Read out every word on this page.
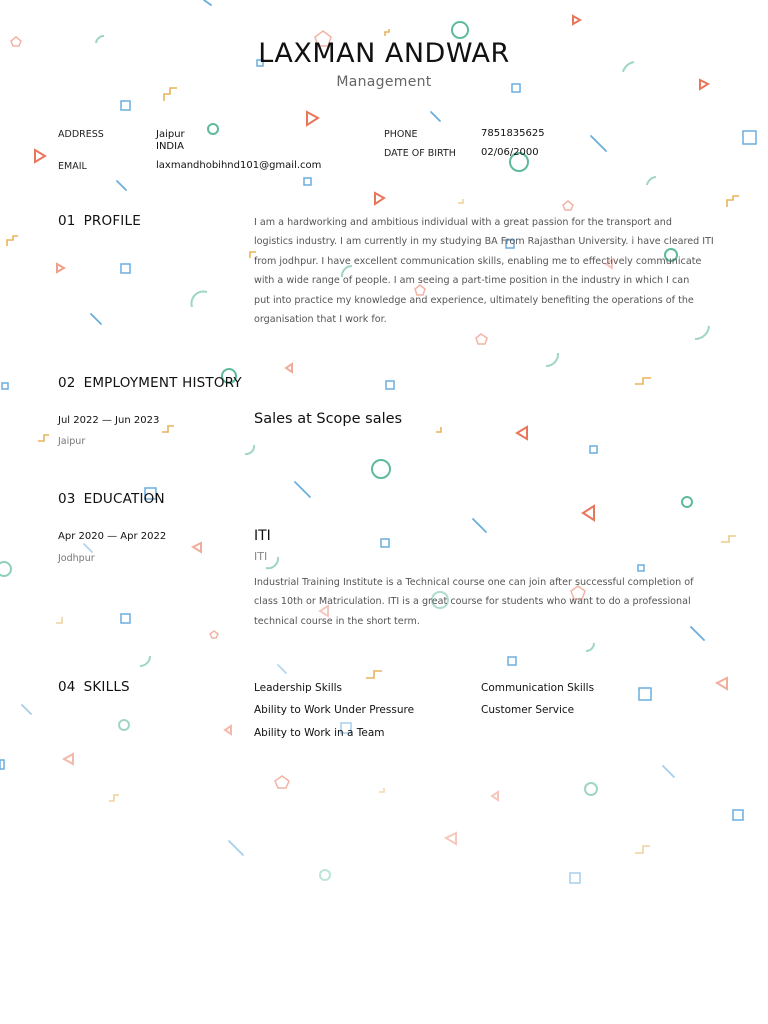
LAXMAN ANDWAR
Management
ADDRESS	Jaipur
INDIA
EMAIL	laxmandhobihnd101@gmail.com
PHONE	7851835625
DATE OF BIRTH	02/06/2000
01 PROFILE	I am a hardworking and ambitious individual with a great passion for the transport and
logistics industry. I am currently in my studying BA From Rajasthan University. i have cleared ITI
from jodhpur. I have excellent communication skills, enabling me to effectively communicate
with a wide range of people. I am seeing a part-time position in the industry in which I can
put into practice my knowledge and experience, ultimately benefiting the operations of the
organisation that I work for.
02 EMPLOYMENT HISTORY
Jul 2022 — Jun 2023
Jaipur
Sales at Scope sales
03 EDUCATION
Apr 2020 — Apr 2022
Jodhpur
ITI
ITI
Industrial Training Institute is a Technical course one can join after successful completion of
class 10th or Matriculation. ITI is a great course for students who want to do a professional
technical course in the short term.
04 SKILLS	Leadership Skills	Communication Skills
Ability to Work Under Pressure	Customer Service
Ability to Work in a Team
